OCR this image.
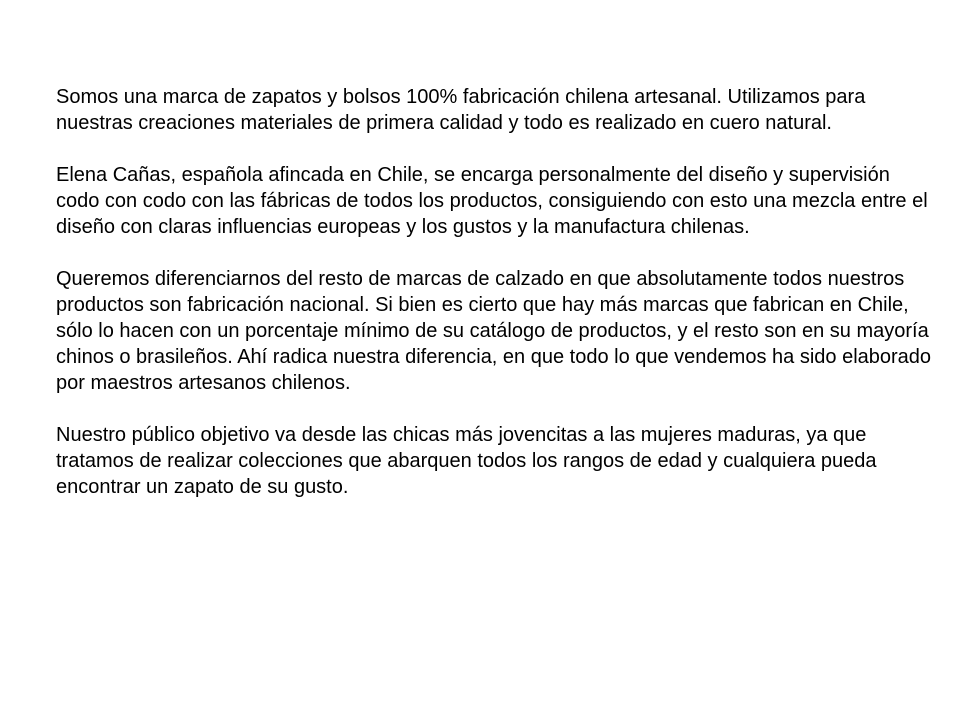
Somos una marca de zapatos y bolsos 100% fabricación chilena artesanal. Utilizamos para nuestras creaciones materiales de primera calidad y todo es realizado en cuero natural.

Elena Cañas, española afincada en Chile, se encarga personalmente del diseño y supervisión codo con codo con las fábricas de todos los productos, consiguiendo con esto una mezcla entre el diseño con claras influencias europeas y los gustos y la manufactura chilenas.

Queremos diferenciarnos del resto de marcas de calzado en que absolutamente todos nuestros productos son fabricación nacional. Si bien es cierto que hay más marcas que fabrican en Chile, sólo lo hacen con un porcentaje mínimo de su catálogo de productos, y el resto son en su mayoría chinos o brasileños. Ahí radica nuestra diferencia, en que todo lo que vendemos ha sido elaborado por maestros artesanos chilenos.

Nuestro público objetivo va desde las chicas más jovencitas a las mujeres maduras, ya que tratamos de realizar colecciones que abarquen todos los rangos de edad y cualquiera pueda encontrar un zapato de su gusto.
